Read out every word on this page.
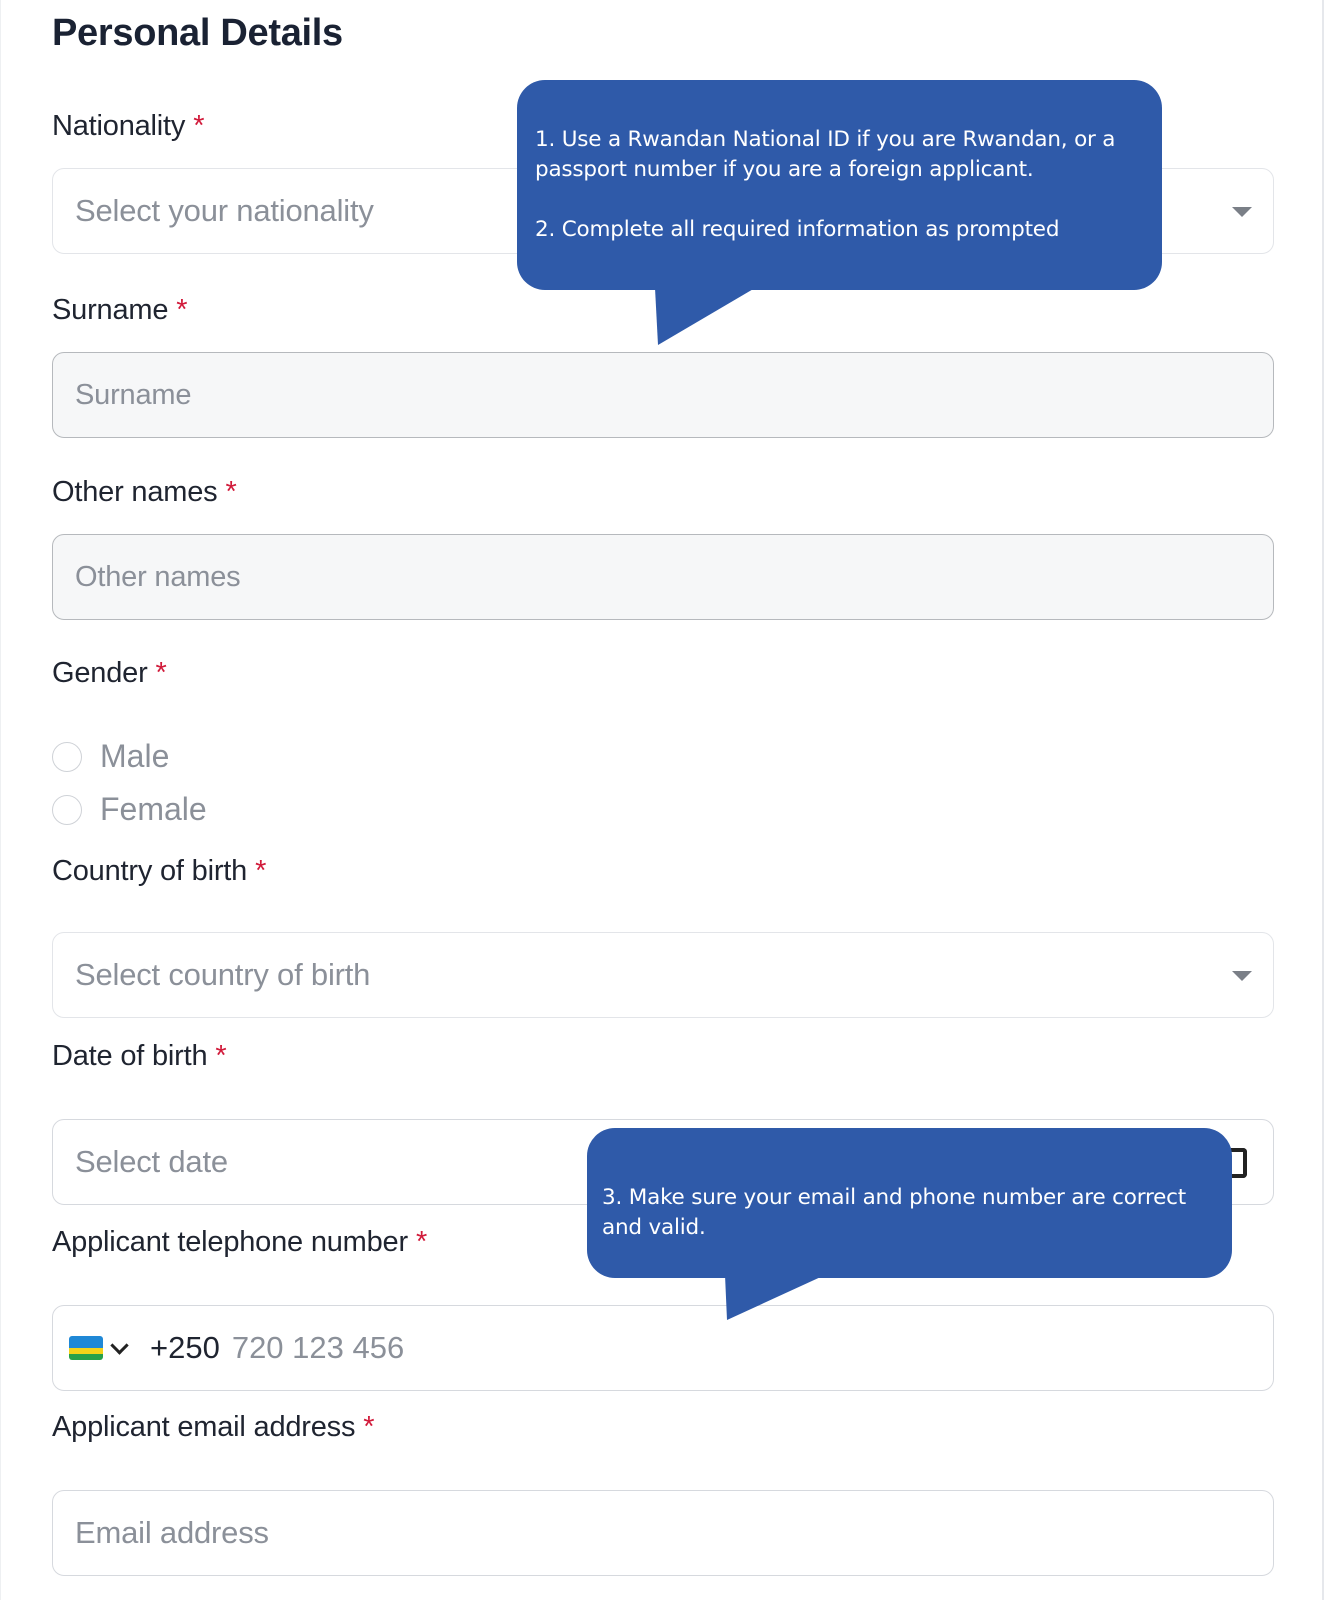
Personal Details
Nationality *
Select your nationality
Surname *
Surname
Other names *
Other names
Gender *
Male
Female
Country of birth *
Select country of birth
Date of birth *
Select date
Applicant telephone number *
+250 720 123 456
Applicant email address *
Email address

1. Use a Rwandan National ID if you are Rwandan, or a passport number if you are a foreign applicant.

2. Complete all required information as prompted

3. Make sure your email and phone number are correct and valid.
